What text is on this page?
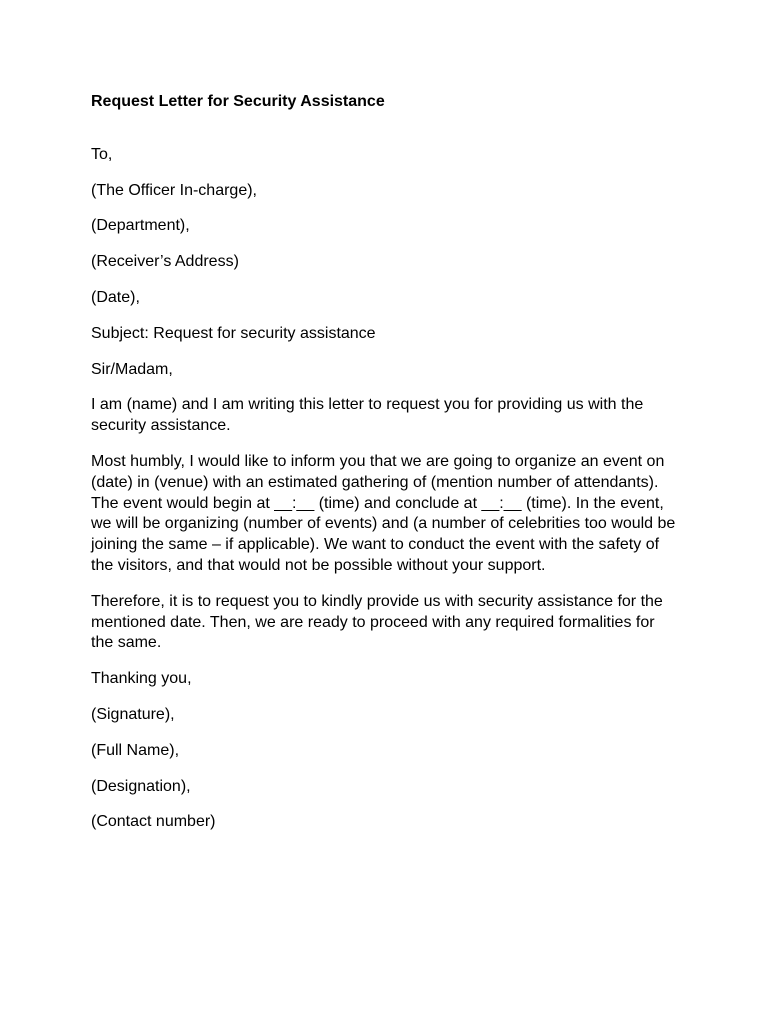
Request Letter for Security Assistance
To,
(The Officer In-charge),
(Department),
(Receiver’s Address)
(Date),
Subject: Request for security assistance
Sir/Madam,
I am (name) and I am writing this letter to request you for providing us with the security assistance.
Most humbly, I would like to inform you that we are going to organize an event on (date) in (venue) with an estimated gathering of (mention number of attendants). The event would begin at __:__ (time) and conclude at __:__ (time). In the event, we will be organizing (number of events) and (a number of celebrities too would be joining the same – if applicable). We want to conduct the event with the safety of the visitors, and that would not be possible without your support.
Therefore, it is to request you to kindly provide us with security assistance for the mentioned date. Then, we are ready to proceed with any required formalities for the same.
Thanking you,
(Signature),
(Full Name),
(Designation),
(Contact number)
